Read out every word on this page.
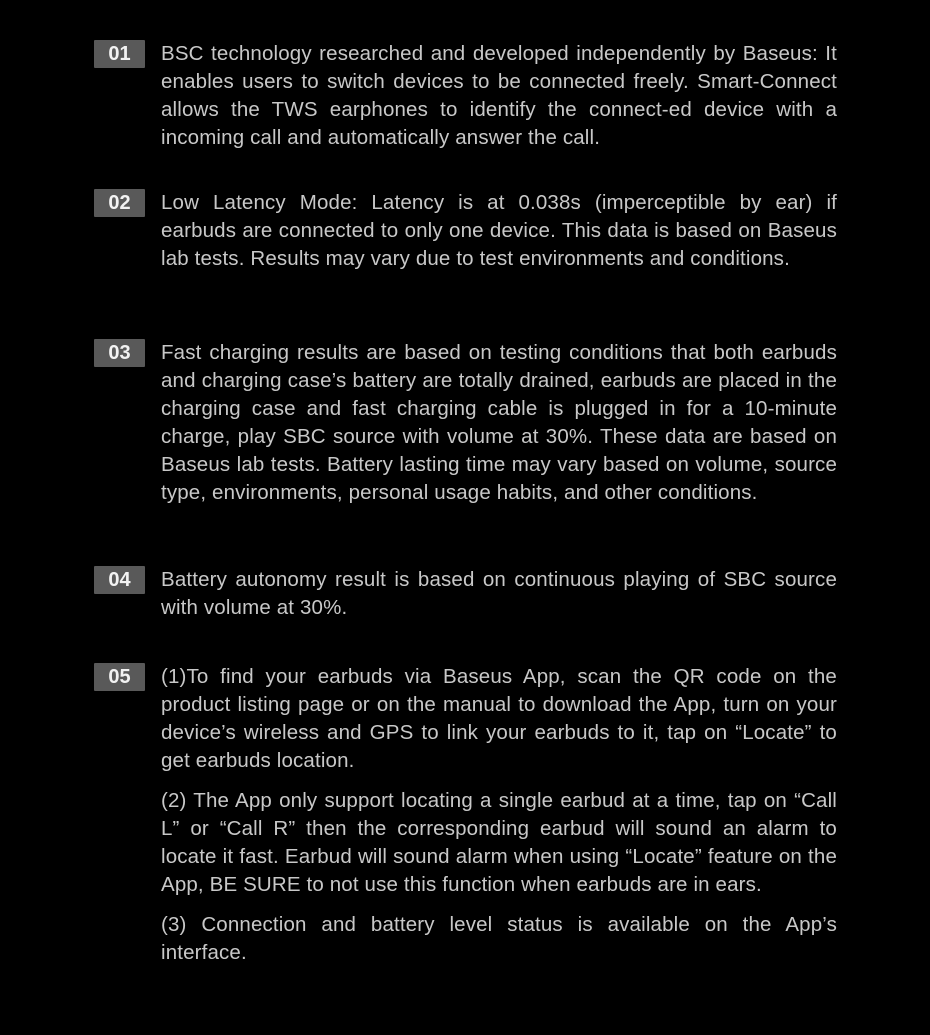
01	BSC technology researched and developed independently by Baseus: It enables users to switch devices to be connected freely. Smart-Connect allows the TWS earphones to identify the connect-ed device with a incoming call and automatically answer the call.

02	Low Latency Mode: Latency is at 0.038s (imperceptible by ear) if earbuds are connected to only one device. This data is based on Baseus lab tests. Results may vary due to test environments and conditions.

03	Fast charging results are based on testing conditions that both earbuds and charging case’s battery are totally drained, earbuds are placed in the charging case and fast charging cable is plugged in for a 10-minute charge, play SBC source with volume at 30%. These data are based on Baseus lab tests. Battery lasting time may vary based on volume, source type, environments, personal usage habits, and other conditions.

04	Battery autonomy result is based on continuous playing of SBC source with volume at 30%.

05	(1)To find your earbuds via Baseus App, scan the QR code on the product listing page or on the manual to download the App, turn on your device’s wireless and GPS to link your earbuds to it, tap on “Locate” to get earbuds location.

(2) The App only support locating a single earbud at a time, tap on “Call L” or “Call R” then the corresponding earbud will sound an alarm to locate it fast. Earbud will sound alarm when using “Locate” feature on the App, BE SURE to not use this function when earbuds are in ears.

(3) Connection and battery level status is available on the App’s interface.
